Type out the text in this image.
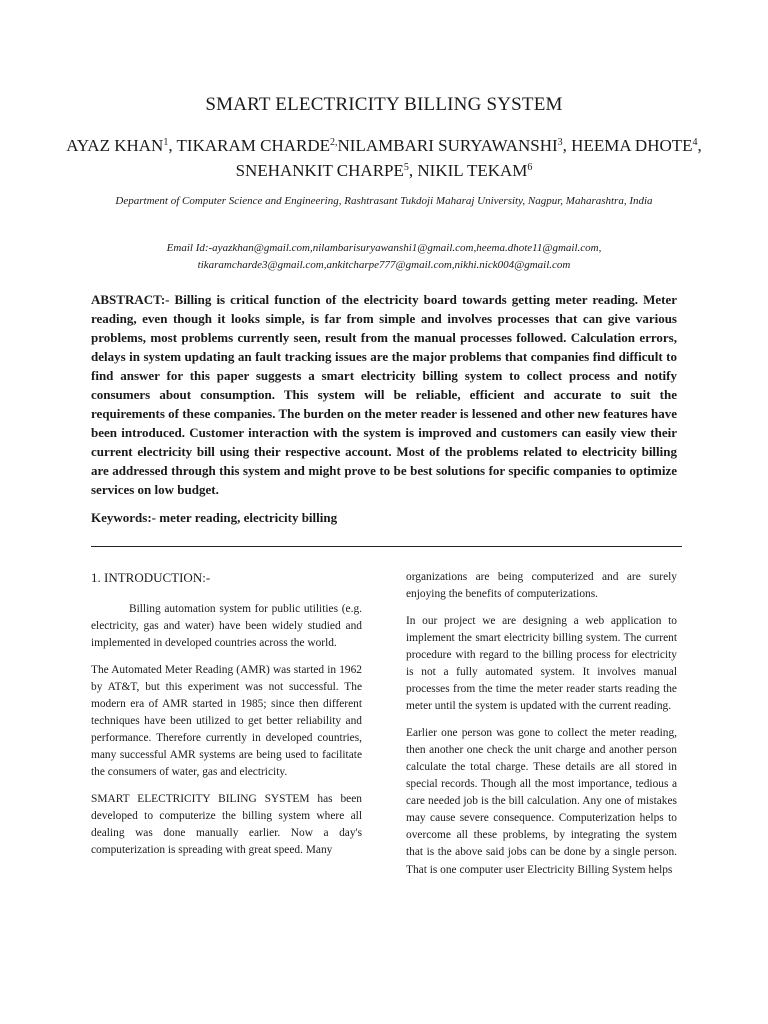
SMART ELECTRICITY BILLING SYSTEM
AYAZ KHAN$^1$, TIKARAM $CHARDE^{2,}NILAMBARI$ SURYAWANSHI$^3$, HEEMA DHOTE$^4$, SNEHANKIT CHARPE$^5$, NIKIL TEKAM$^6$
Department of Computer Science and Engineering, Rashtrasant Tukdoji Maharaj University, Nagpur, Maharashtra, India
Email Id:-ayazkhan@gmail.com,nilambarisuryawanshi1@gmail.com,heema.dhote11@gmail.com,
tikaramcharde3@gmail.com,ankitcharpe777@gmail.com,nikhi.nick004@gmail.com

ABSTRACT:- Billing is critical function of the electricity board towards getting meter reading. Meter reading, even though it looks simple, is far from simple and involves processes that can give various problems, most problems currently seen, result from the manual processes followed. Calculation errors, delays in system updating an fault tracking issues are the major problems that companies find difficult to find answer for this paper suggests a smart electricity billing system to collect process and notify consumers about consumption. This system will be reliable, efficient and accurate to suit the requirements of these companies. The burden on the meter reader is lessened and other new features have been introduced. Customer interaction with the system is improved and customers can easily view their current electricity bill using their respective account. Most of the problems related to electricity billing are addressed through this system and might prove to be best solutions for specific companies to optimize services on low budget.

Keywords:- meter reading, electricity billing

1. INTRODUCTION:-

Billing automation system for public utilities (e.g. electricity, gas and water) have been widely studied and implemented in developed countries across the world.

The Automated Meter Reading (AMR) was started in 1962 by AT&T, but this experiment was not successful. The modern era of AMR started in 1985; since then different techniques have been utilized to get better reliability and performance. Therefore currently in developed countries, many successful AMR systems are being used to facilitate the consumers of water, gas and electricity.

SMART ELECTRICITY BILING SYSTEM has been developed to computerize the billing system where all dealing was done manually earlier. Now a day's computerization is spreading with great speed. Many

organizations are being computerized and are surely enjoying the benefits of computerizations.

In our project we are designing a web application to implement the smart electricity billing system. The current procedure with regard to the billing process for electricity is not a fully automated system. It involves manual processes from the time the meter reader starts reading the meter until the system is updated with the current reading.

Earlier one person was gone to collect the meter reading, then another one check the unit charge and another person calculate the total charge. These details are all stored in special records. Though all the most importance, tedious a care needed job is the bill calculation. Any one of mistakes may cause severe consequence. Computerization helps to overcome all these problems, by integrating the system that is the above said jobs can be done by a single person. That is one computer user Electricity Billing System helps
